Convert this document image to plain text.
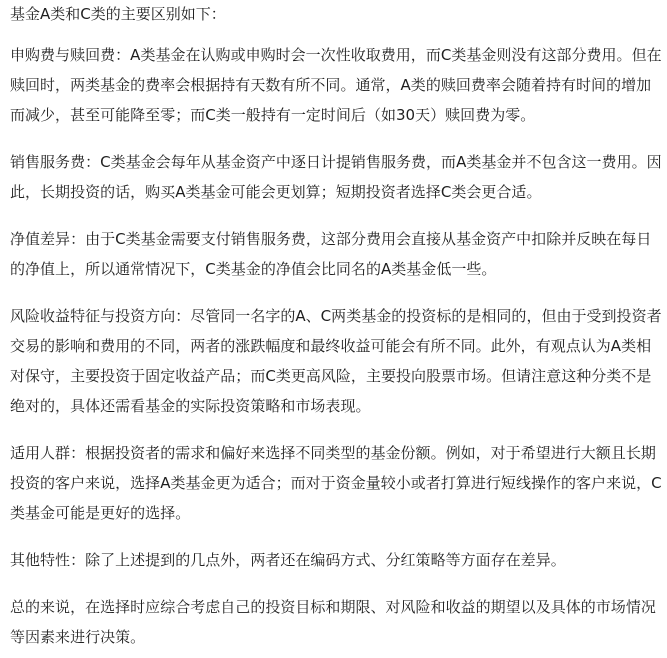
基金A类和C类的主要区别如下：

申购费与赎回费：A类基金在认购或申购时会一次性收取费用，而C类基金则没有这部分费用。但在赎回时，两类基金的费率会根据持有天数有所不同。通常，A类的赎回费率会随着持有时间的增加而减少，甚至可能降至零；而C类一般持有一定时间后（如30天）赎回费为零。

销售服务费：C类基金会每年从基金资产中逐日计提销售服务费，而A类基金并不包含这一费用。因此，长期投资的话，购买A类基金可能会更划算；短期投资者选择C类会更合适。

净值差异：由于C类基金需要支付销售服务费，这部分费用会直接从基金资产中扣除并反映在每日的净值上，所以通常情况下，C类基金的净值会比同名的A类基金低一些。

风险收益特征与投资方向：尽管同一名字的A、C两类基金的投资标的是相同的，但由于受到投资者交易的影响和费用的不同，两者的涨跌幅度和最终收益可能会有所不同。此外，有观点认为A类相对保守，主要投资于固定收益产品；而C类更高风险，主要投向股票市场。但请注意这种分类不是绝对的，具体还需看基金的实际投资策略和市场表现。

适用人群：根据投资者的需求和偏好来选择不同类型的基金份额。例如，对于希望进行大额且长期投资的客户来说，选择A类基金更为适合；而对于资金量较小或者打算进行短线操作的客户来说，C类基金可能是更好的选择。

其他特性：除了上述提到的几点外，两者还在编码方式、分红策略等方面存在差异。

总的来说，在选择时应综合考虑自己的投资目标和期限、对风险和收益的期望以及具体的市场情况等因素来进行决策。
